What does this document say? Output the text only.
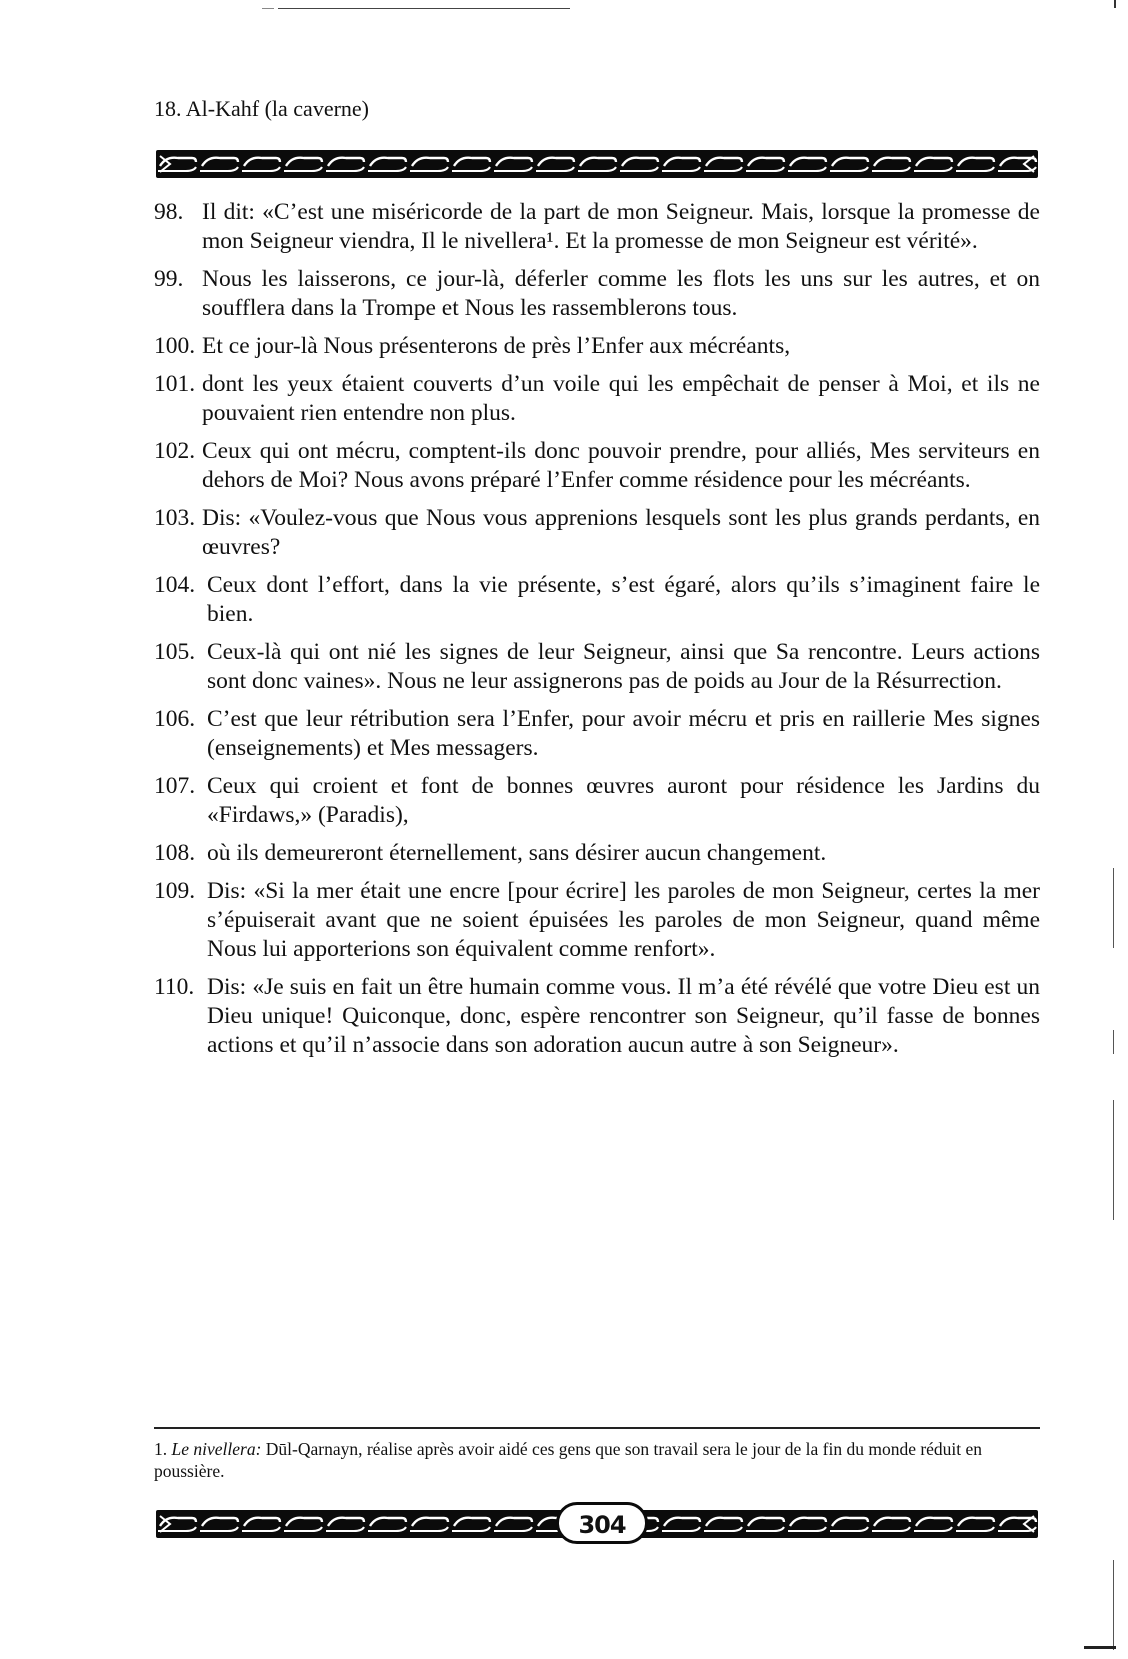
18. Al-Kahf (la caverne)
98. Il dit: «C’est une miséricorde de la part de mon Seigneur. Mais, lorsque la promesse de mon Seigneur viendra, Il le nivellera¹. Et la promesse de mon Seigneur est vérité».
99. Nous les laisserons, ce jour-là, déferler comme les flots les uns sur les autres, et on soufflera dans la Trompe et Nous les rassemblerons tous.
100. Et ce jour-là Nous présenterons de près l’Enfer aux mécréants,
101. dont les yeux étaient couverts d’un voile qui les empêchait de penser à Moi, et ils ne pouvaient rien entendre non plus.
102. Ceux qui ont mécru, comptent-ils donc pouvoir prendre, pour alliés, Mes serviteurs en dehors de Moi? Nous avons préparé l’Enfer comme résidence pour les mécréants.
103. Dis: «Voulez-vous que Nous vous apprenions lesquels sont les plus grands perdants, en œuvres?
104. Ceux dont l’effort, dans la vie présente, s’est égaré, alors qu’ils s’imaginent faire le bien.
105. Ceux-là qui ont nié les signes de leur Seigneur, ainsi que Sa rencontre. Leurs actions sont donc vaines». Nous ne leur assignerons pas de poids au Jour de la Résurrection.
106. C’est que leur rétribution sera l’Enfer, pour avoir mécru et pris en raillerie Mes signes (enseignements) et Mes messagers.
107. Ceux qui croient et font de bonnes œuvres auront pour résidence les Jardins du «Firdaws,» (Paradis),
108. où ils demeureront éternellement, sans désirer aucun changement.
109. Dis: «Si la mer était une encre [pour écrire] les paroles de mon Seigneur, certes la mer s’épuiserait avant que ne soient épuisées les paroles de mon Seigneur, quand même Nous lui apporterions son équivalent comme renfort».
110. Dis: «Je suis en fait un être humain comme vous. Il m’a été révélé que votre Dieu est un Dieu unique! Quiconque, donc, espère rencontrer son Seigneur, qu’il fasse de bonnes actions et qu’il n’associe dans son adoration aucun autre à son Seigneur».
1. Le nivellera: Dūl-Qarnayn, réalise après avoir aidé ces gens que son travail sera le jour de la fin du monde réduit en poussière.
304
